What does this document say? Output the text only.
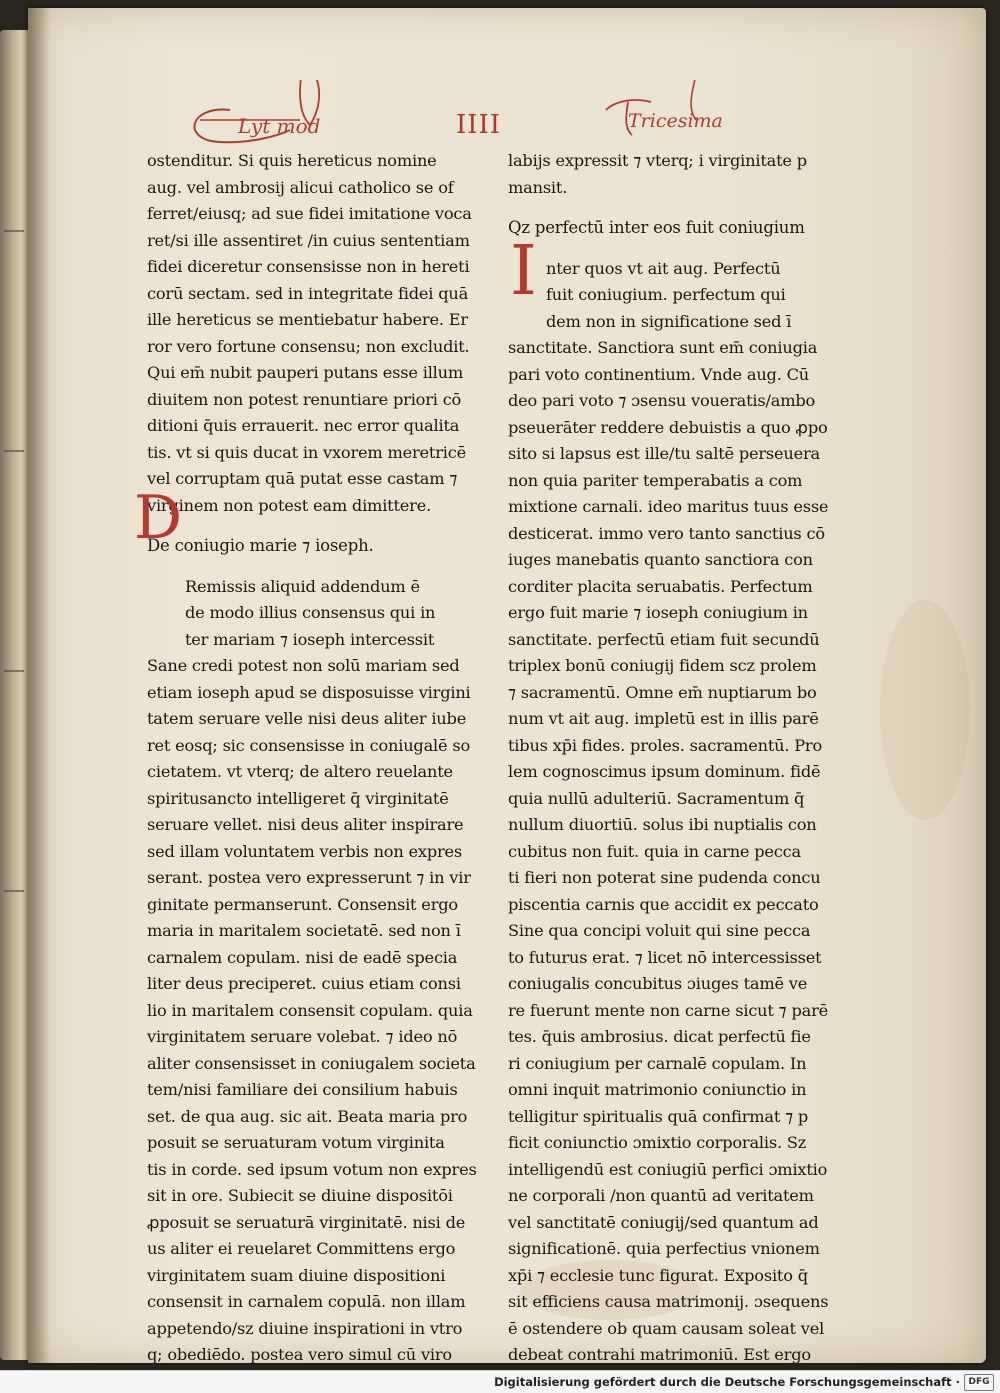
Lyt mod	IIII	Tricesima
ostenditur. Si quis hereticus nomine
aug. vel ambrosij alicui catholico se of
ferret/eiusq; ad sue fidei imitatione voca
ret/si ille assentiret /in cuius sententiam
fidei diceretur consensisse non in hereti
corū sectam. sed in integritate fidei quā
ille hereticus se mentiebatur habere. Er
ror vero fortune consensu; non excludit.
Qui em̄ nubit pauperi putans esse illum
diuitem non potest renuntiare priori cō
ditioni q̄uis errauerit. nec error qualita
tis. vt si quis ducat in vxorem meretricē
vel corruptam quā putat esse castam ⁊
virginem non potest eam dimittere.
De coniugio marie ⁊ ioseph.
Remissis aliquid addendum ē
de modo illius consensus qui in
ter mariam ⁊ ioseph intercessit
Sane credi potest non solū mariam sed
etiam ioseph apud se disposuisse virgini
tatem seruare velle nisi deus aliter iube
ret eosq; sic consensisse in coniugalē so
cietatem. vt vterq; de altero reuelante
spiritusancto intelligeret q̄ virginitatē
seruare vellet. nisi deus aliter inspirare
sed illam voluntatem verbis non expres
serant. postea vero expresserunt ⁊ in vir
ginitate permanserunt. Consensit ergo
maria in maritalem societatē. sed non ī
carnalem copulam. nisi de eadē specia
liter deus preciperet. cuius etiam consi
lio in maritalem consensit copulam. quia
virginitatem seruare volebat. ⁊ ideo nō
aliter consensisset in coniugalem societa
tem/nisi familiare dei consilium habuis
set. de qua aug. sic ait. Beata maria pro
posuit se seruaturam votum virginita
tis in corde. sed ipsum votum non expres
sit in ore. Subiecit se diuine dispositōi
ꝓposuit se seruaturā virginitatē. nisi de
us aliter ei reuelaret Committens ergo
virginitatem suam diuine dispositioni
consensit in carnalem copulā. non illam
appetendo/sz diuine inspirationi in vtro
q; obediēdo. postea vero simul cū viro
D
labijs expressit ⁊ vterq; i virginitate p
mansit.
Qz perfectū inter eos fuit coniugium
nter quos vt ait aug. Perfectū
fuit coniugium. perfectum qui
dem non in significatione sed ī
sanctitate. Sanctiora sunt em̄ coniugia
pari voto continentium. Vnde aug. Cū
deo pari voto ⁊ ɔsensu voueratis/ambo
pseuerāter reddere debuistis a quo ꝓpo
sito si lapsus est ille/tu saltē perseuera
non quia pariter temperabatis a com
mixtione carnali. ideo maritus tuus esse
desticerat. immo vero tanto sanctius cō
iuges manebatis quanto sanctiora con
corditer placita seruabatis. Perfectum
ergo fuit marie ⁊ ioseph coniugium in
sanctitate. perfectū etiam fuit secundū
triplex bonū coniugij fidem scz prolem
⁊ sacramentū. Omne em̄ nuptiarum bo
num vt ait aug. impletū est in illis parē
tibus xp̄i fides. proles. sacramentū. Pro
lem cognoscimus ipsum dominum. fidē
quia nullū adulteriū. Sacramentum q̄
nullum diuortiū. solus ibi nuptialis con
cubitus non fuit. quia in carne pecca
ti fieri non poterat sine pudenda concu
piscentia carnis que accidit ex peccato
Sine qua concipi voluit qui sine pecca
to futurus erat. ⁊ licet nō intercessisset
coniugalis concubitus ɔiuges tamē ve
re fuerunt mente non carne sicut ⁊ parē
tes. q̄uis ambrosius. dicat perfectū fie
ri coniugium per carnalē copulam. In
omni inquit matrimonio coniunctio in
telligitur spiritualis quā confirmat ⁊ p
ficit coniunctio ɔmixtio corporalis. Sz
intelligendū est coniugiū perfici ɔmixtio
ne corporali /non quantū ad veritatem
vel sanctitatē coniugij/sed quantum ad
significationē. quia perfectius vnionem
xp̄i ⁊ ecclesie tunc figurat. Exposito q̄
sit efficiens causa matrimonij. ɔsequens
ē ostendere ob quam causam soleat vel
debeat contrahi matrimoniū. Est ergo
I
Digitalisierung gefördert durch die Deutsche Forschungsgemeinschaft · DFG
